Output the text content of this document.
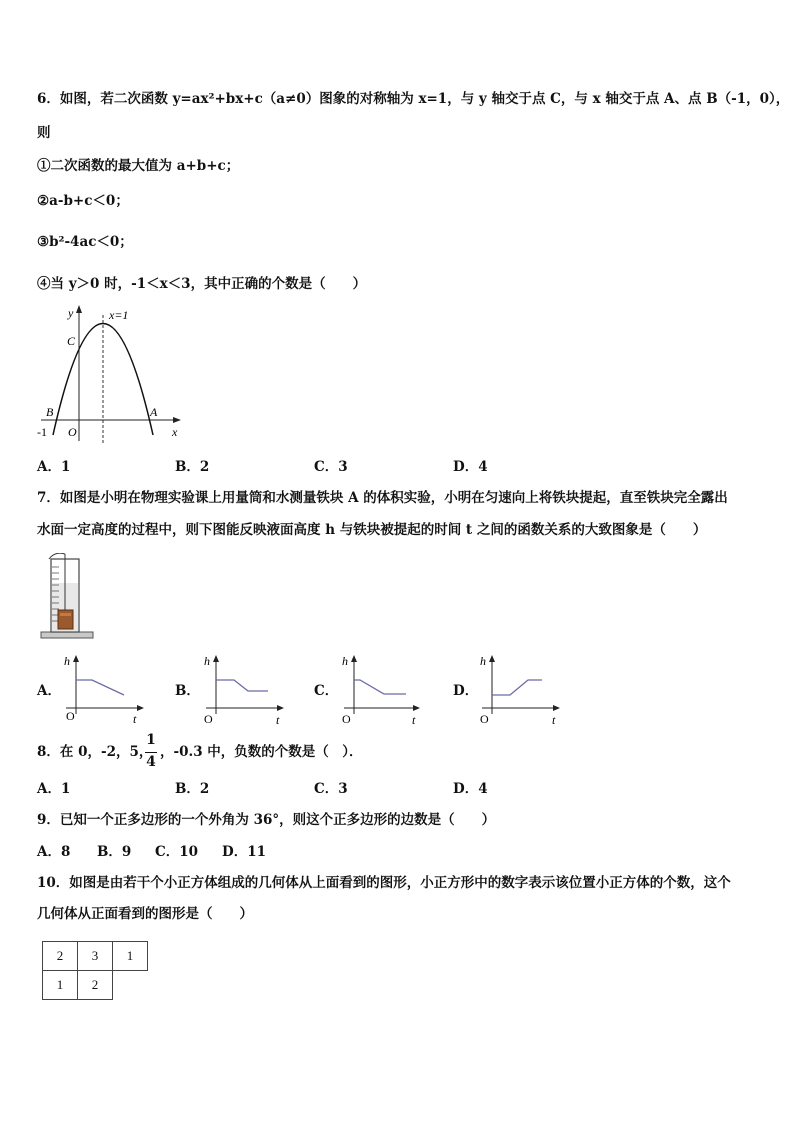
6．如图，若二次函数 y=ax²+bx+c（a≠0）图象的对称轴为 x=1，与 y 轴交于点 C，与 x 轴交于点 A、点 B（-1，0），
则
①二次函数的最大值为 a+b+c；
②a-b+c＜0；
③b²-4ac＜0；
④当 y＞0 时，-1＜x＜3，其中正确的个数是（　　）
y	x=1
C
B	A
O
-1	x
A．1	B．2	C．3	D．4
7．如图是小明在物理实验课上用量筒和水测量铁块 A 的体积实验，小明在匀速向上将铁块提起，直至铁块完全露出
水面一定高度的过程中，则下图能反映液面高度 h 与铁块被提起的时间 t 之间的函数关系的大致图象是（　　）
A．
h
O	t
B．
h
O	t
C．
h
O	t
D．
h
O	t
8．在 0，-2，5，
1
4
，-0.3 中，负数的个数是（　）．
A．1	B．2	C．3	D．4
9．已知一个正多边形的一个外角为 36°，则这个正多边形的边数是（　　）
A．8 B．9 C．10 D．11
10．如图是由若干个小正方体组成的几何体从上面看到的图形，小正方形中的数字表示该位置小正方体的个数，这个
几何体从正面看到的图形是（　　）
2	3	1
1	2	
